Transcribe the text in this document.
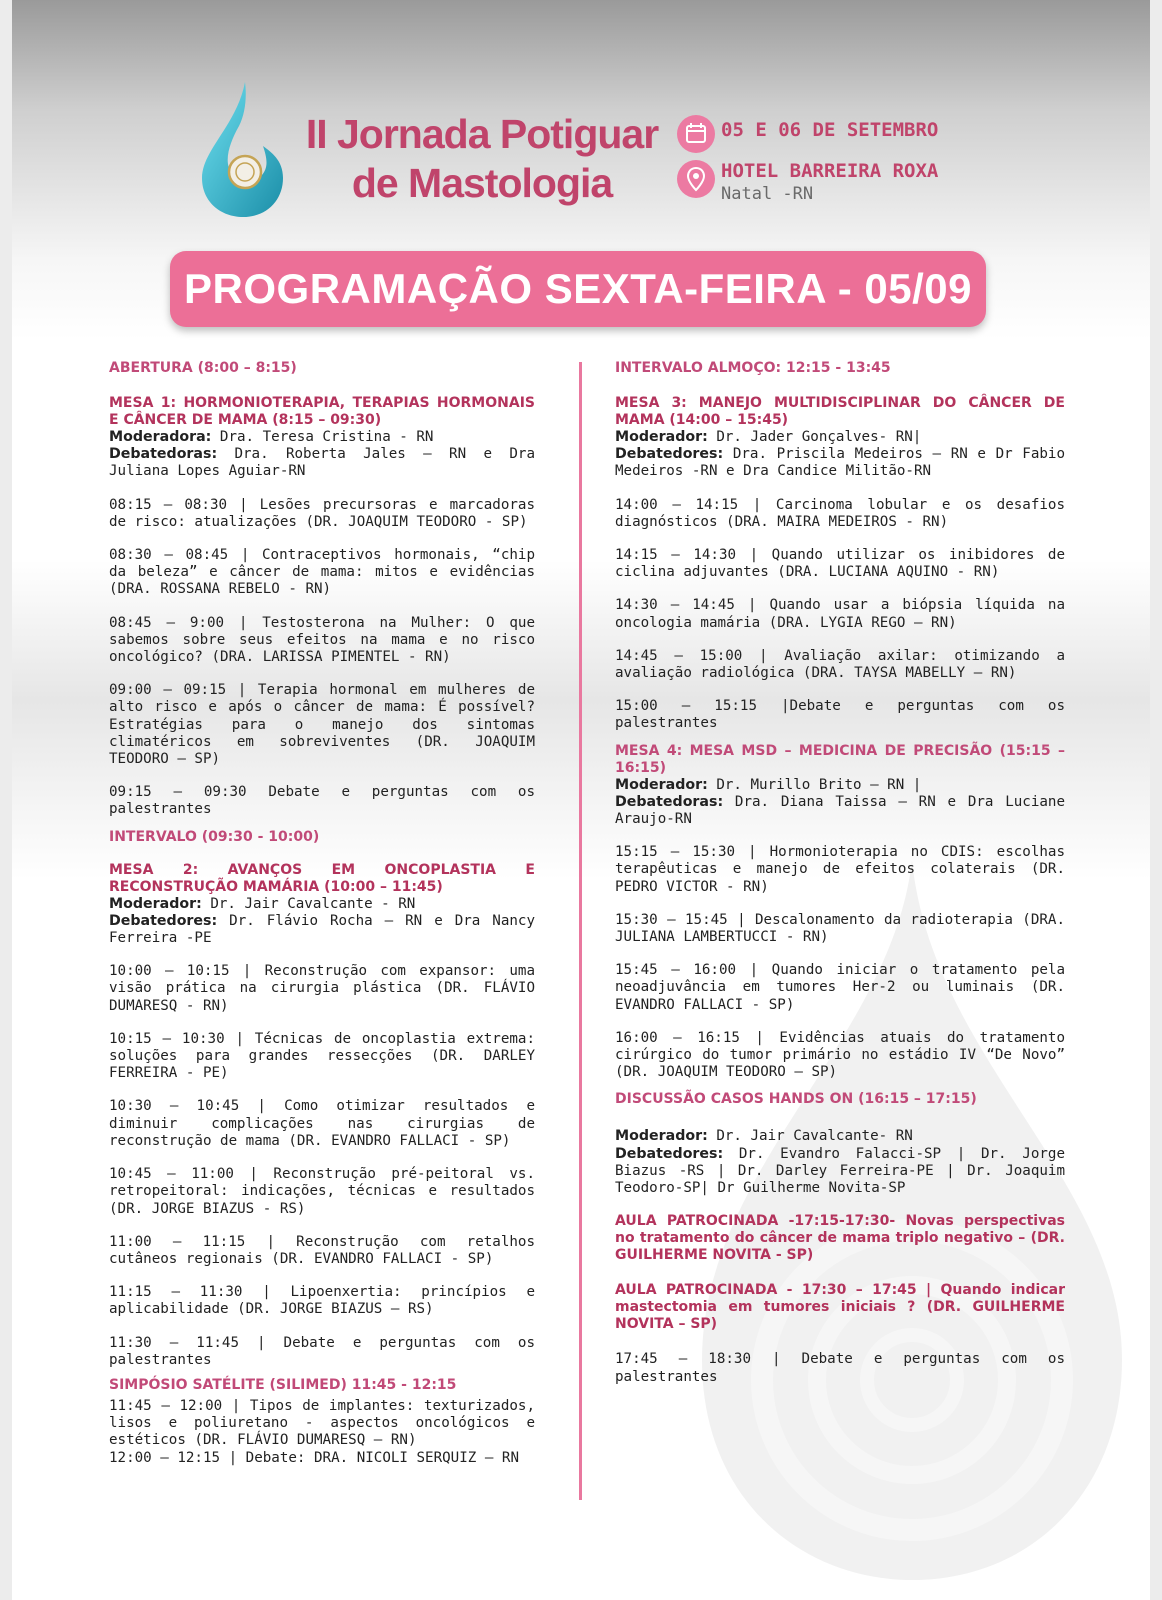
II Jornada Potiguar
de Mastologia
05 E 06 DE SETEMBRO
HOTEL BARREIRA ROXA
Natal -RN
PROGRAMAÇÃO SEXTA-FEIRA - 05/09
ABERTURA (8:00 – 8:15)
MESA 1: HORMONIOTERAPIA, TERAPIAS HORMONAIS E CÂNCER DE MAMA (8:15 – 09:30)

Moderadora: Dra. Teresa Cristina - RN

Debatedoras: Dra. Roberta Jales – RN e Dra Juliana Lopes Aguiar-RN

08:15 – 08:30 | Lesões precursoras e marcadoras de risco: atualizações (DR. JOAQUIM TEODORO - SP)

08:30 – 08:45 | Contraceptivos hormonais, “chip da beleza” e câncer de mama: mitos e evidências (DRA. ROSSANA REBELO - RN)

08:45 – 9:00 | Testosterona na Mulher: O que sabemos sobre seus efeitos na mama e no risco oncológico? (DRA. LARISSA PIMENTEL - RN)

09:00 – 09:15 | Terapia hormonal em mulheres de alto risco e após o câncer de mama: É possível? Estratégias para o manejo dos sintomas climatéricos em sobreviventes (DR. JOAQUIM TEODORO – SP)

09:15 – 09:30 Debate e perguntas com os palestrantes

INTERVALO (09:30 - 10:00)
MESA 2: AVANÇOS EM ONCOPLASTIA E RECONSTRUÇÃO MAMÁRIA (10:00 – 11:45)

Moderador: Dr. Jair Cavalcante - RN

Debatedores: Dr. Flávio Rocha – RN e Dra Nancy Ferreira -PE

10:00 – 10:15 | Reconstrução com expansor: uma visão prática na cirurgia plástica (DR. FLÁVIO DUMARESQ - RN)

10:15 – 10:30 | Técnicas de oncoplastia extrema: soluções para grandes ressecções (DR. DARLEY FERREIRA - PE)

10:30 – 10:45 | Como otimizar resultados e diminuir complicações nas cirurgias de reconstrução de mama (DR. EVANDRO FALLACI - SP)

10:45 – 11:00 | Reconstrução pré-peitoral vs. retropeitoral: indicações, técnicas e resultados (DR. JORGE BIAZUS - RS)

11:00 – 11:15 | Reconstrução com retalhos cutâneos regionais (DR. EVANDRO FALLACI - SP)

11:15 – 11:30 | Lipoenxertia: princípios e aplicabilidade (DR. JORGE BIAZUS – RS)

11:30 – 11:45 | Debate e perguntas com os palestrantes

SIMPÓSIO SATÉLITE (SILIMED) 11:45 - 12:15

11:45 – 12:00 | Tipos de implantes: texturizados, lisos e poliuretano - aspectos oncológicos e estéticos (DR. FLÁVIO DUMARESQ – RN)

12:00 – 12:15 | Debate: DRA. NICOLI SERQUIZ – RN

INTERVALO ALMOÇO: 12:15 - 13:45
MESA 3: MANEJO MULTIDISCIPLINAR DO CÂNCER DE MAMA (14:00 – 15:45)

Moderador: Dr. Jader Gonçalves- RN|

Debatedores: Dra. Priscila Medeiros – RN e Dr Fabio Medeiros -RN e Dra Candice Militão-RN

14:00 – 14:15 | Carcinoma lobular e os desafios diagnósticos (DRA. MAIRA MEDEIROS - RN)

14:15 – 14:30 | Quando utilizar os inibidores de ciclina adjuvantes (DRA. LUCIANA AQUINO - RN)

14:30 – 14:45 | Quando usar a biópsia líquida na oncologia mamária (DRA. LYGIA REGO – RN)

14:45 – 15:00 | Avaliação axilar: otimizando a avaliação radiológica (DRA. TAYSA MABELLY – RN)

15:00 – 15:15 |Debate e perguntas com os palestrantes

MESA 4: MESA MSD – MEDICINA DE PRECISÃO (15:15 – 16:15)

Moderador: Dr. Murillo Brito – RN |

Debatedoras: Dra. Diana Taissa – RN e Dra Luciane Araujo-RN

15:15 – 15:30 | Hormonioterapia no CDIS: escolhas terapêuticas e manejo de efeitos colaterais (DR. PEDRO VICTOR - RN)

15:30 – 15:45 | Descalonamento da radioterapia (DRA. JULIANA LAMBERTUCCI - RN)

15:45 – 16:00 | Quando iniciar o tratamento pela neoadjuvância em tumores Her-2 ou luminais (DR. EVANDRO FALLACI - SP)

16:00 – 16:15 | Evidências atuais do tratamento cirúrgico do tumor primário no estádio IV “De Novo” (DR. JOAQUIM TEODORO – SP)

DISCUSSÃO CASOS HANDS ON (16:15 – 17:15)

Moderador: Dr. Jair Cavalcante- RN

Debatedores: Dr. Evandro Falacci-SP | Dr. Jorge Biazus -RS | Dr. Darley Ferreira-PE | Dr. Joaquim Teodoro-SP| Dr Guilherme Novita-SP

AULA PATROCINADA -17:15-17:30- Novas perspectivas no tratamento do câncer de mama triplo negativo – (DR. GUILHERME NOVITA - SP)
AULA PATROCINADA - 17:30 – 17:45 | Quando indicar mastectomia em tumores iniciais ? (DR. GUILHERME NOVITA – SP)

17:45 – 18:30 | Debate e perguntas com os palestrantes
